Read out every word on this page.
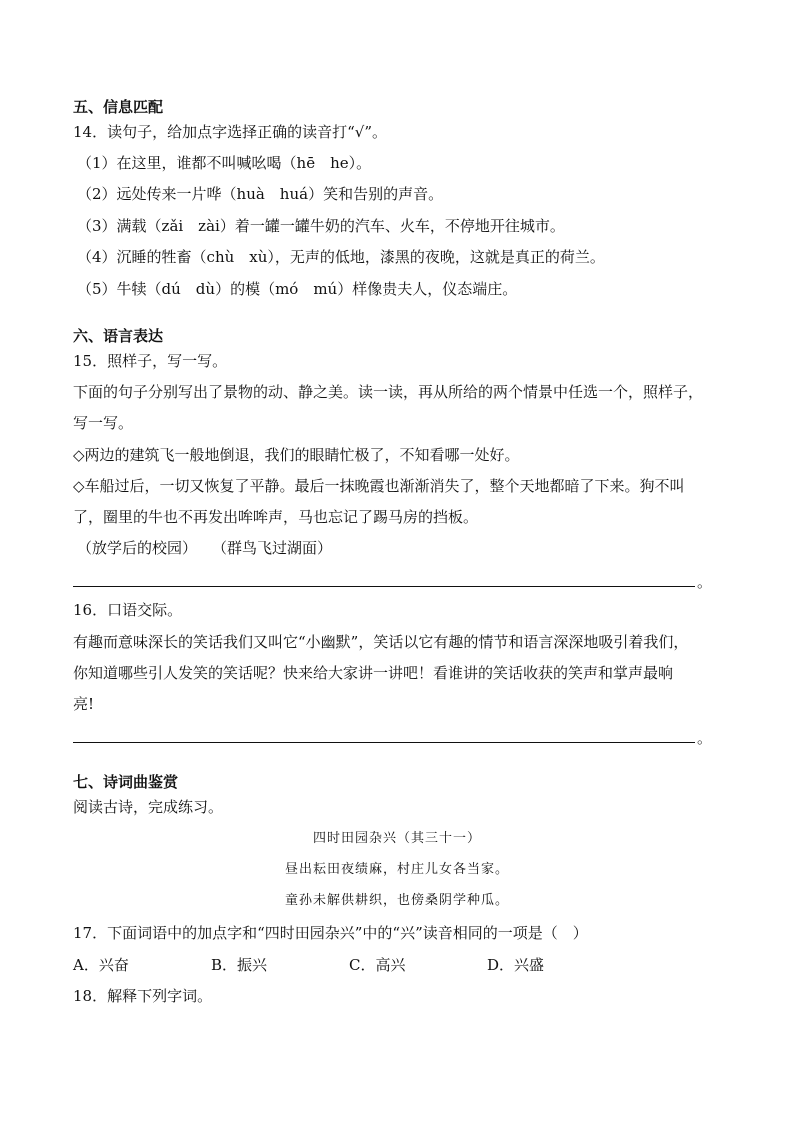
五、信息匹配
14．读句子，给加点字选择正确的读音打“√”。
（1）在这里，谁都不叫喊吆喝（hē　he）。
（2）远处传来一片哗（huà　huá）笑和告别的声音。
（3）满载（zǎi　zài）着一罐一罐牛奶的汽车、火车，不停地开往城市。
（4）沉睡的牲畜（chù　xù），无声的低地，漆黑的夜晚，这就是真正的荷兰。
（5）牛犊（dú　dù）的模（mó　mú）样像贵夫人，仪态端庄。
六、语言表达
15．照样子，写一写。
下面的句子分别写出了景物的动、静之美。读一读，再从所给的两个情景中任选一个，照样子，
写一写。
◇两边的建筑飞一般地倒退，我们的眼睛忙极了，不知看哪一处好。
◇车船过后，一切又恢复了平静。最后一抹晚霞也渐渐消失了，整个天地都暗了下来。狗不叫
了，圈里的牛也不再发出哞哞声，马也忘记了踢马房的挡板。
（放学后的校园）　　（群鸟飞过湖面）
。
16．口语交际。
有趣而意味深长的笑话我们又叫它“小幽默”，笑话以它有趣的情节和语言深深地吸引着我们，
你知道哪些引人发笑的笑话呢？快来给大家讲一讲吧！看谁讲的笑话收获的笑声和掌声最响
亮!
。
七、诗词曲鉴赏
阅读古诗，完成练习。
四时田园杂兴（其三十一）
昼出耘田夜绩麻，村庄儿女各当家。
童孙未解供耕织，也傍桑阴学种瓜。
17．下面词语中的加点字和“四时田园杂兴”中的“兴”读音相同的一项是（　）
A．兴奋	B．振兴	C．高兴	D．兴盛
18．解释下列字词。
